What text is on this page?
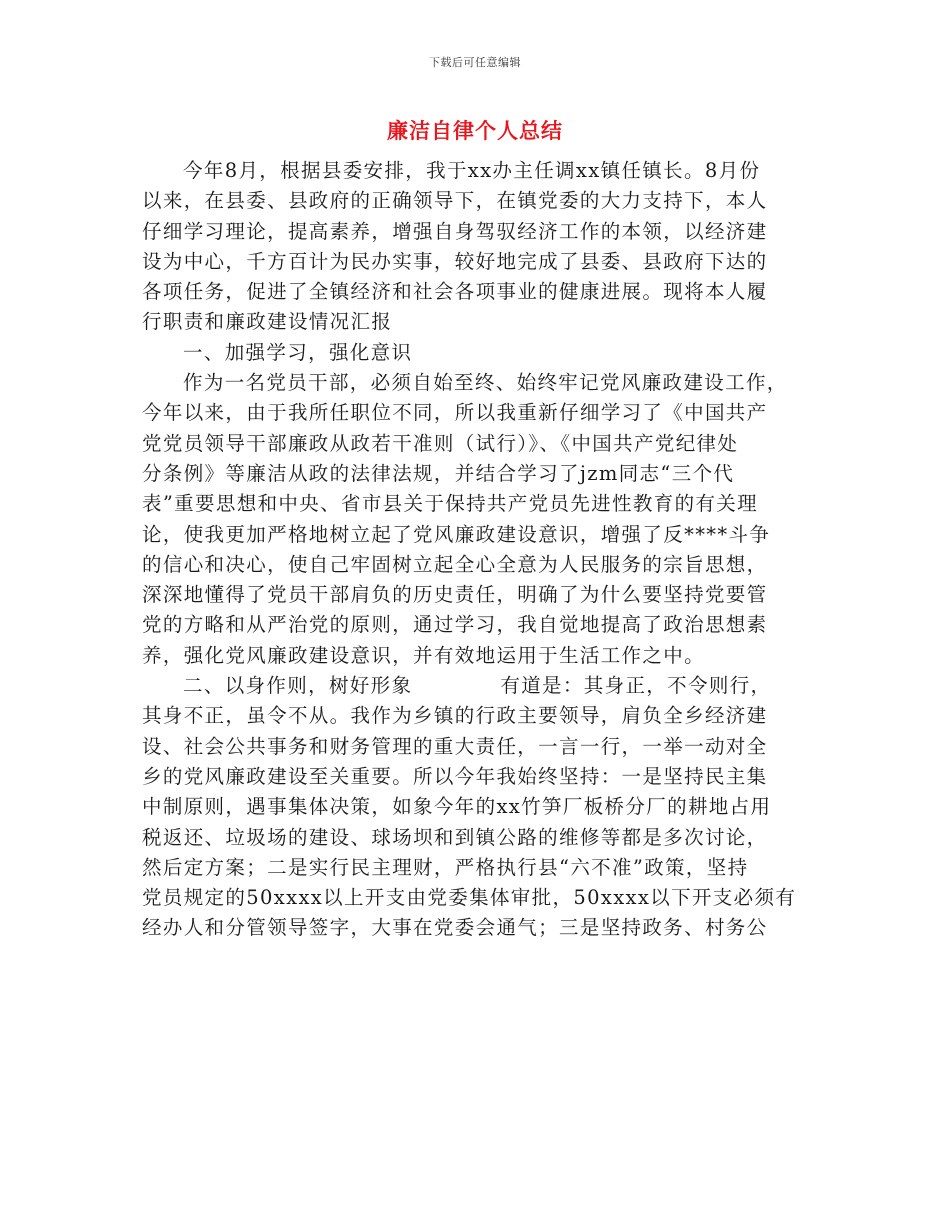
下载后可任意编辑
廉洁自律个人总结
今年8月，根据县委安排，我于xx办主任调xx镇任镇长。8月份
以来，在县委、县政府的正确领导下，在镇党委的大力支持下，本人
仔细学习理论，提高素养，增强自身驾驭经济工作的本领，以经济建
设为中心，千方百计为民办实事，较好地完成了县委、县政府下达的
各项任务，促进了全镇经济和社会各项事业的健康进展。现将本人履
行职责和廉政建设情况汇报
一、加强学习，强化意识
作为一名党员干部，必须自始至终、始终牢记党风廉政建设工作，
今年以来，由于我所任职位不同，所以我重新仔细学习了《中国共产
党党员领导干部廉政从政若干准则（试行）》、《中国共产党纪律处
分条例》等廉洁从政的法律法规，并结合学习了jzm同志“三个代
表”重要思想和中央、省市县关于保持共产党员先进性教育的有关理
论，使我更加严格地树立起了党风廉政建设意识，增强了反****斗争
的信心和决心，使自己牢固树立起全心全意为人民服务的宗旨思想，
深深地懂得了党员干部肩负的历史责任，明确了为什么要坚持党要管
党的方略和从严治党的原则，通过学习，我自觉地提高了政治思想素
养，强化党风廉政建设意识，并有效地运用于生活工作之中。
二、以身作则，树好形象	有道是：其身正，不令则行，
其身不正，虽令不从。我作为乡镇的行政主要领导，肩负全乡经济建
设、社会公共事务和财务管理的重大责任，一言一行，一举一动对全
乡的党风廉政建设至关重要。所以今年我始终坚持：一是坚持民主集
中制原则，遇事集体决策，如象今年的xx竹笋厂板桥分厂的耕地占用
税返还、垃圾场的建设、球场坝和到镇公路的维修等都是多次讨论，
然后定方案；二是实行民主理财，严格执行县“六不准”政策，坚持
党员规定的50xxxx以上开支由党委集体审批，50xxxx以下开支必须有
经办人和分管领导签字，大事在党委会通气；三是坚持政务、村务公
